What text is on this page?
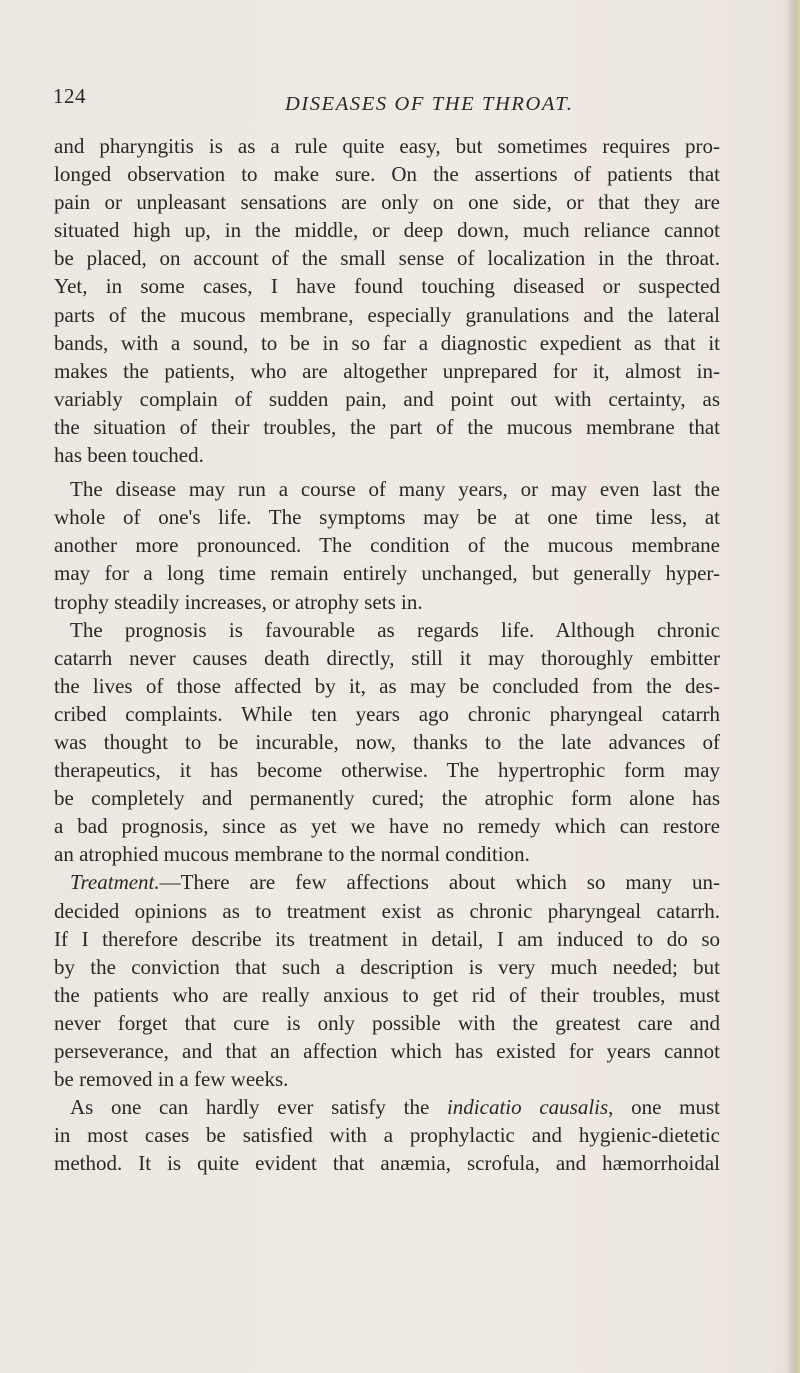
124	DISEASES OF THE THROAT.
and pharyngitis is as a rule quite easy, but sometimes requires pro-
longed observation to make sure. On the assertions of patients that
pain or unpleasant sensations are only on one side, or that they are
situated high up, in the middle, or deep down, much reliance cannot
be placed, on account of the small sense of localization in the throat.
Yet, in some cases, I have found touching diseased or suspected
parts of the mucous membrane, especially granulations and the lateral
bands, with a sound, to be in so far a diagnostic expedient as that it
makes the patients, who are altogether unprepared for it, almost in-
variably complain of sudden pain, and point out with certainty, as
the situation of their troubles, the part of the mucous membrane that
has been touched.
The disease may run a course of many years, or may even last the
whole of one's life. The symptoms may be at one time less, at
another more pronounced. The condition of the mucous membrane
may for a long time remain entirely unchanged, but generally hyper-
trophy steadily increases, or atrophy sets in.
The prognosis is favourable as regards life. Although chronic
catarrh never causes death directly, still it may thoroughly embitter
the lives of those affected by it, as may be concluded from the des-
cribed complaints. While ten years ago chronic pharyngeal catarrh
was thought to be incurable, now, thanks to the late advances of
therapeutics, it has become otherwise. The hypertrophic form may
be completely and permanently cured; the atrophic form alone has
a bad prognosis, since as yet we have no remedy which can restore
an atrophied mucous membrane to the normal condition.
Treatment.—There are few affections about which so many un-
decided opinions as to treatment exist as chronic pharyngeal catarrh.
If I therefore describe its treatment in detail, I am induced to do so
by the conviction that such a description is very much needed; but
the patients who are really anxious to get rid of their troubles, must
never forget that cure is only possible with the greatest care and
perseverance, and that an affection which has existed for years cannot
be removed in a few weeks.
As one can hardly ever satisfy the indicatio causalis, one must
in most cases be satisfied with a prophylactic and hygienic-dietetic
method. It is quite evident that anæmia, scrofula, and hæmorrhoidal
